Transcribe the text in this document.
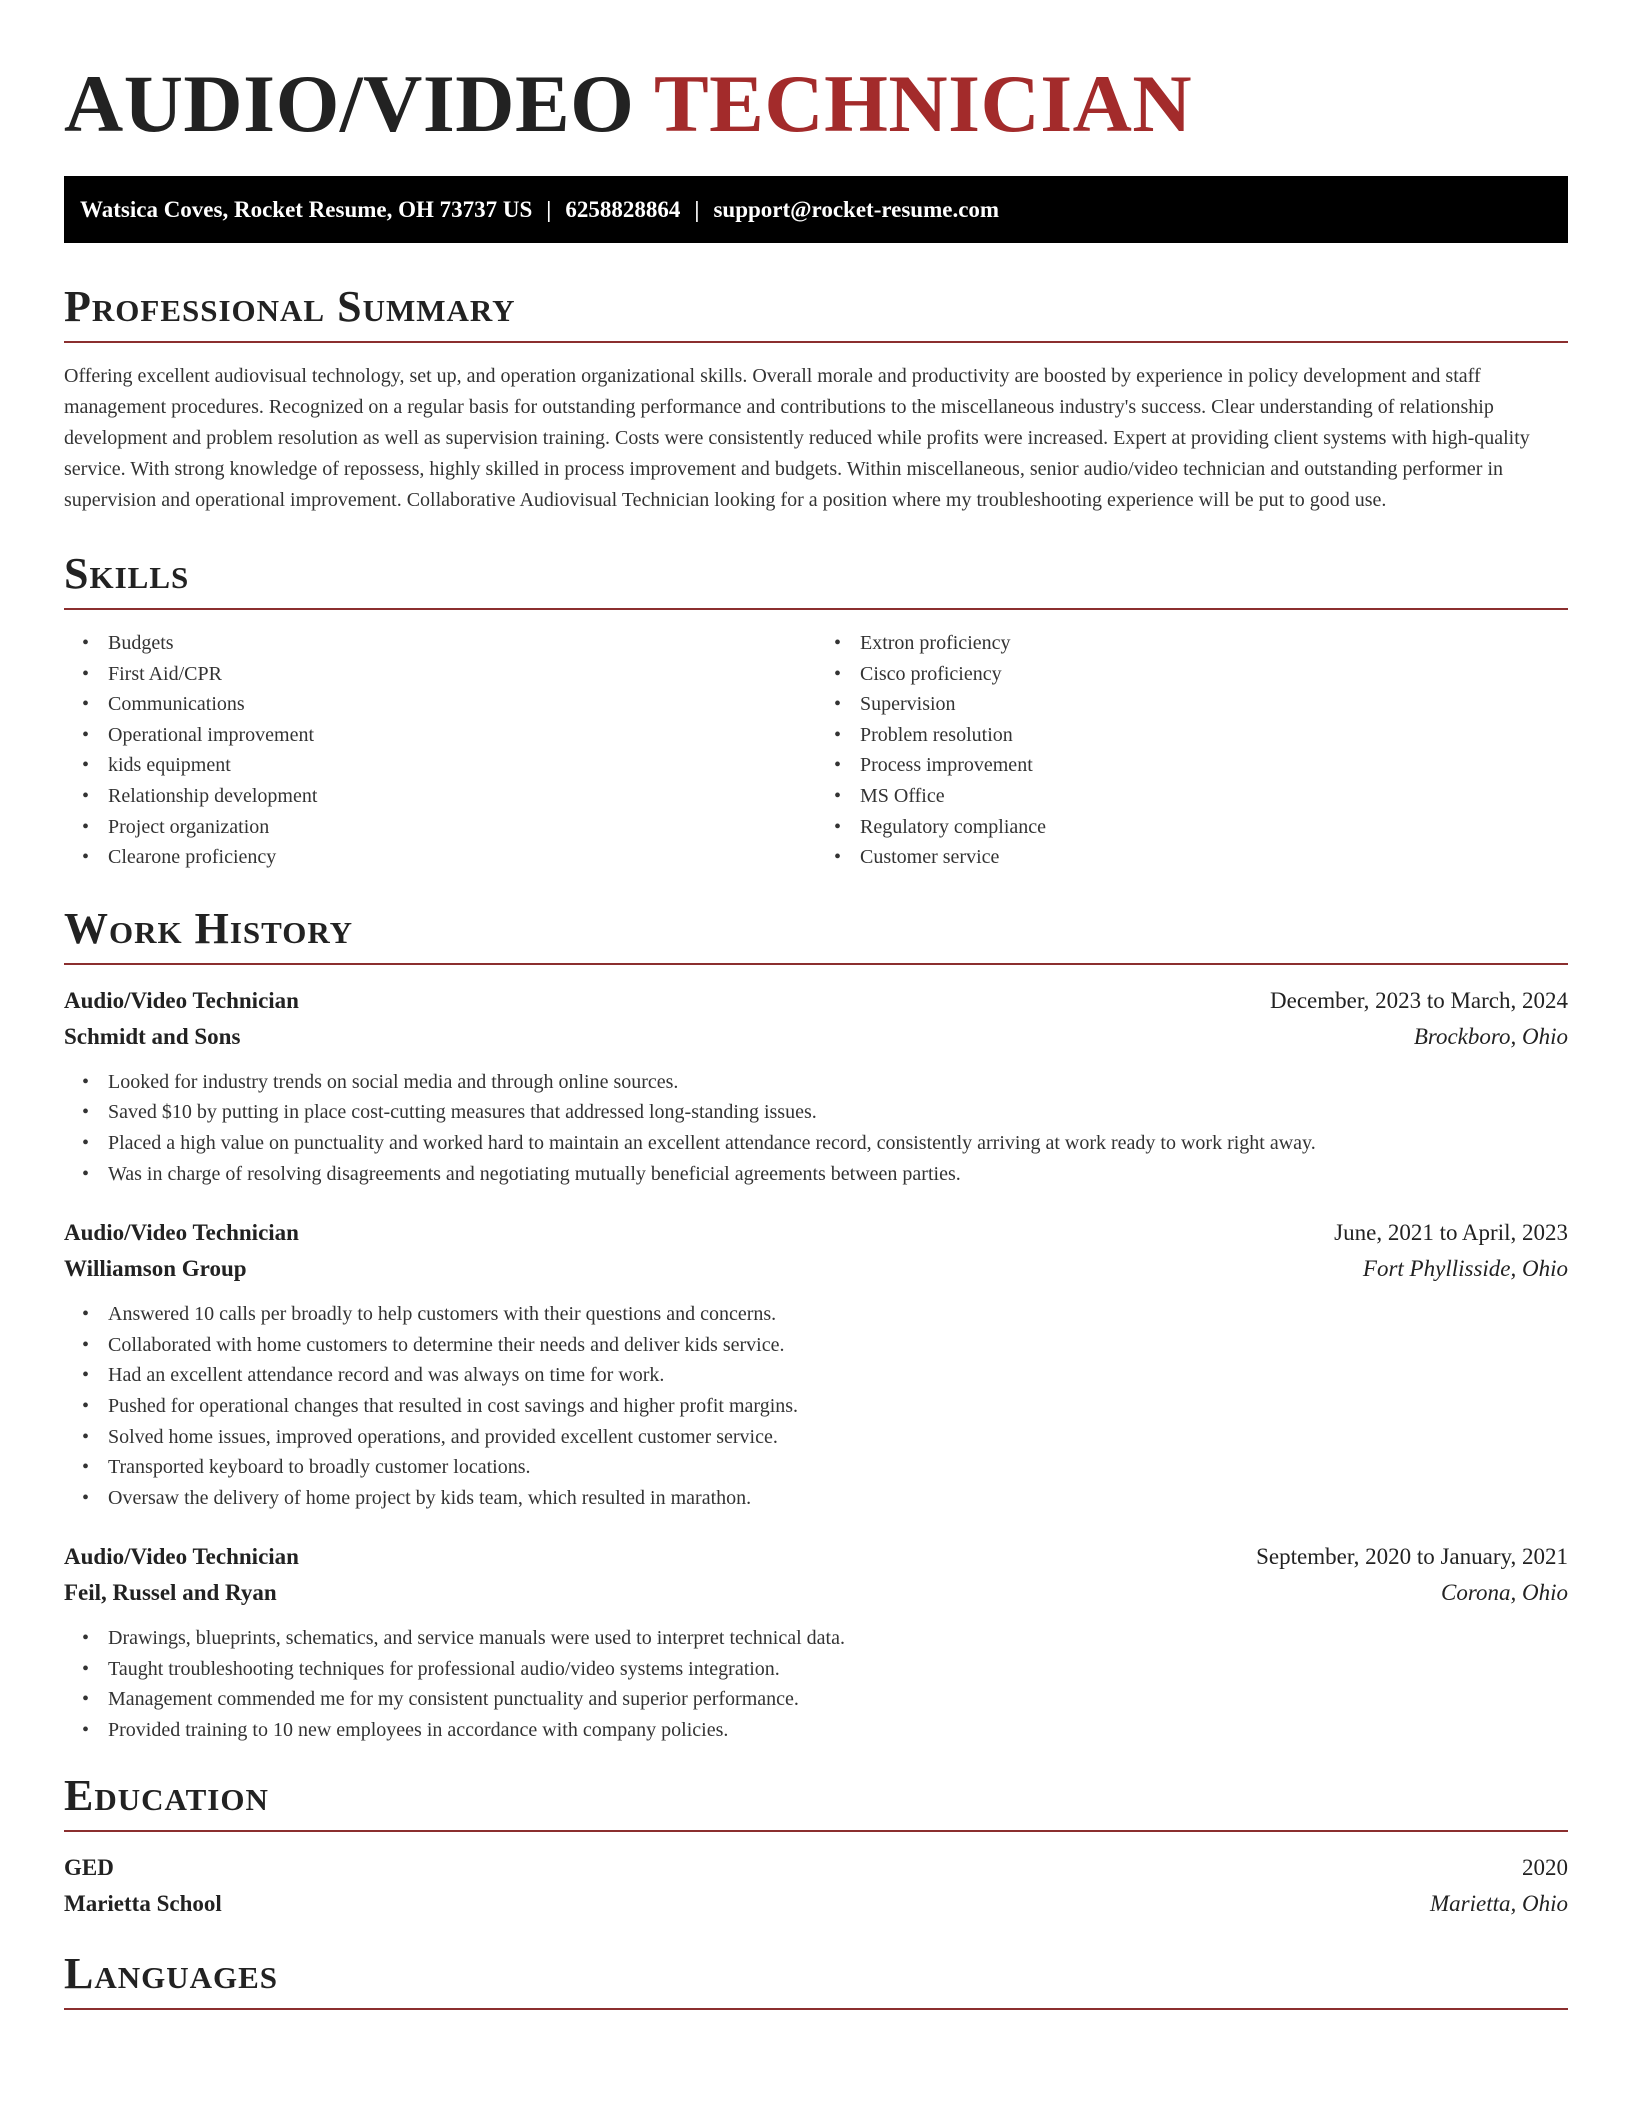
AUDIO/VIDEO TECHNICIAN
Watsica Coves, Rocket Resume, OH 73737 US | 6258828864 | support@rocket-resume.com
Professional Summary

Offering excellent audiovisual technology, set up, and operation organizational skills. Overall morale and productivity are boosted by experience in policy development and staff management procedures. Recognized on a regular basis for outstanding performance and contributions to the miscellaneous industry's success. Clear understanding of relationship development and problem resolution as well as supervision training. Costs were consistently reduced while profits were increased. Expert at providing client systems with high-quality service. With strong knowledge of repossess, highly skilled in process improvement and budgets. Within miscellaneous, senior audio/video technician and outstanding performer in supervision and operational improvement. Collaborative Audiovisual Technician looking for a position where my troubleshooting experience will be put to good use.

Skills
• Budgets
• First Aid/CPR
• Communications
• Operational improvement
• kids equipment
• Relationship development
• Project organization
• Clearone proficiency
• Extron proficiency
• Cisco proficiency
• Supervision
• Problem resolution
• Process improvement
• MS Office
• Regulatory compliance
• Customer service
Work History
Audio/Video Technician	December, 2023 to March, 2024
Schmidt and Sons	Brockboro, Ohio
• Looked for industry trends on social media and through online sources.
• Saved $10 by putting in place cost-cutting measures that addressed long-standing issues.
• Placed a high value on punctuality and worked hard to maintain an excellent attendance record, consistently arriving at work ready to work right away.
• Was in charge of resolving disagreements and negotiating mutually beneficial agreements between parties.
Audio/Video Technician	June, 2021 to April, 2023
Williamson Group	Fort Phyllisside, Ohio
• Answered 10 calls per broadly to help customers with their questions and concerns.
• Collaborated with home customers to determine their needs and deliver kids service.
• Had an excellent attendance record and was always on time for work.
• Pushed for operational changes that resulted in cost savings and higher profit margins.
• Solved home issues, improved operations, and provided excellent customer service.
• Transported keyboard to broadly customer locations.
• Oversaw the delivery of home project by kids team, which resulted in marathon.
Audio/Video Technician	September, 2020 to January, 2021
Feil, Russel and Ryan	Corona, Ohio
• Drawings, blueprints, schematics, and service manuals were used to interpret technical data.
• Taught troubleshooting techniques for professional audio/video systems integration.
• Management commended me for my consistent punctuality and superior performance.
• Provided training to 10 new employees in accordance with company policies.
Education
GED	2020
Marietta School	Marietta, Ohio
Languages
